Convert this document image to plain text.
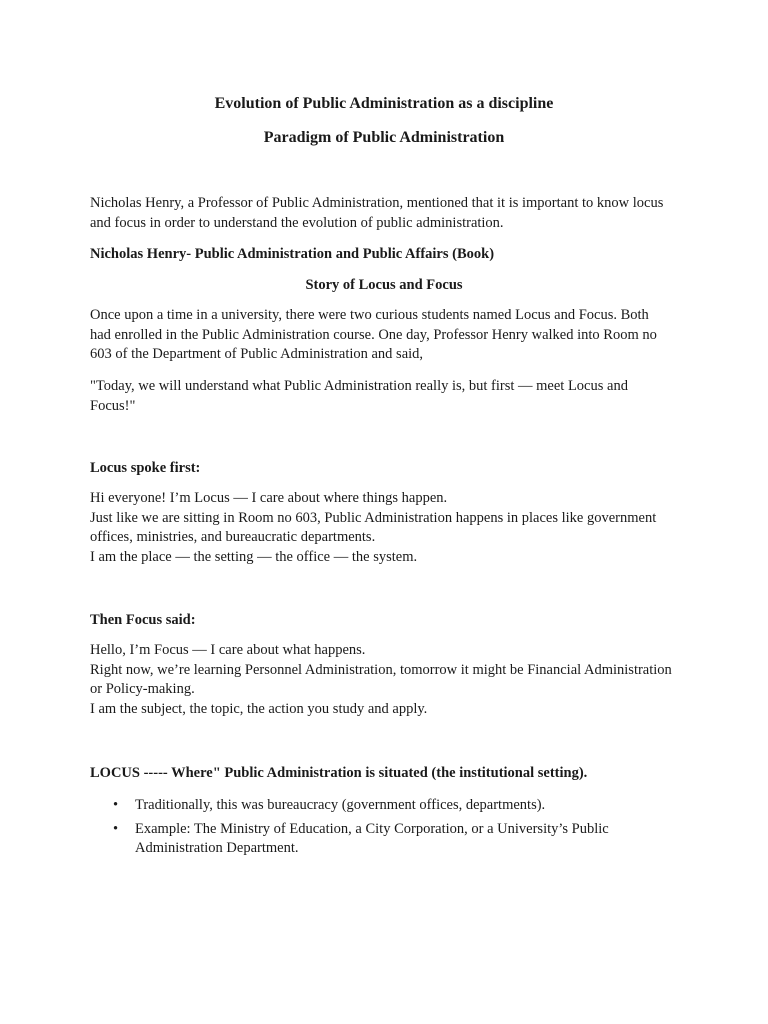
Evolution of Public Administration as a discipline
Paradigm of Public Administration
Nicholas Henry, a Professor of Public Administration, mentioned that it is important to know locus
and focus in order to understand the evolution of public administration.
Nicholas Henry- Public Administration and Public Affairs (Book)
Story of Locus and Focus
Once upon a time in a university, there were two curious students named Locus and Focus. Both
had enrolled in the Public Administration course. One day, Professor Henry walked into Room no
603 of the Department of Public Administration and said,
"Today, we will understand what Public Administration really is, but first — meet Locus and
Focus!"
Locus spoke first:
Hi everyone! I’m Locus — I care about where things happen.
Just like we are sitting in Room no 603, Public Administration happens in places like government
offices, ministries, and bureaucratic departments.
I am the place — the setting — the office — the system.
Then Focus said:
Hello, I’m Focus — I care about what happens.
Right now, we’re learning Personnel Administration, tomorrow it might be Financial Administration
or Policy-making.
I am the subject, the topic, the action you study and apply.
LOCUS ----- Where" Public Administration is situated (the institutional setting).
• Traditionally, this was bureaucracy (government offices, departments).
• Example: The Ministry of Education, a City Corporation, or a University’s Public
Administration Department.
